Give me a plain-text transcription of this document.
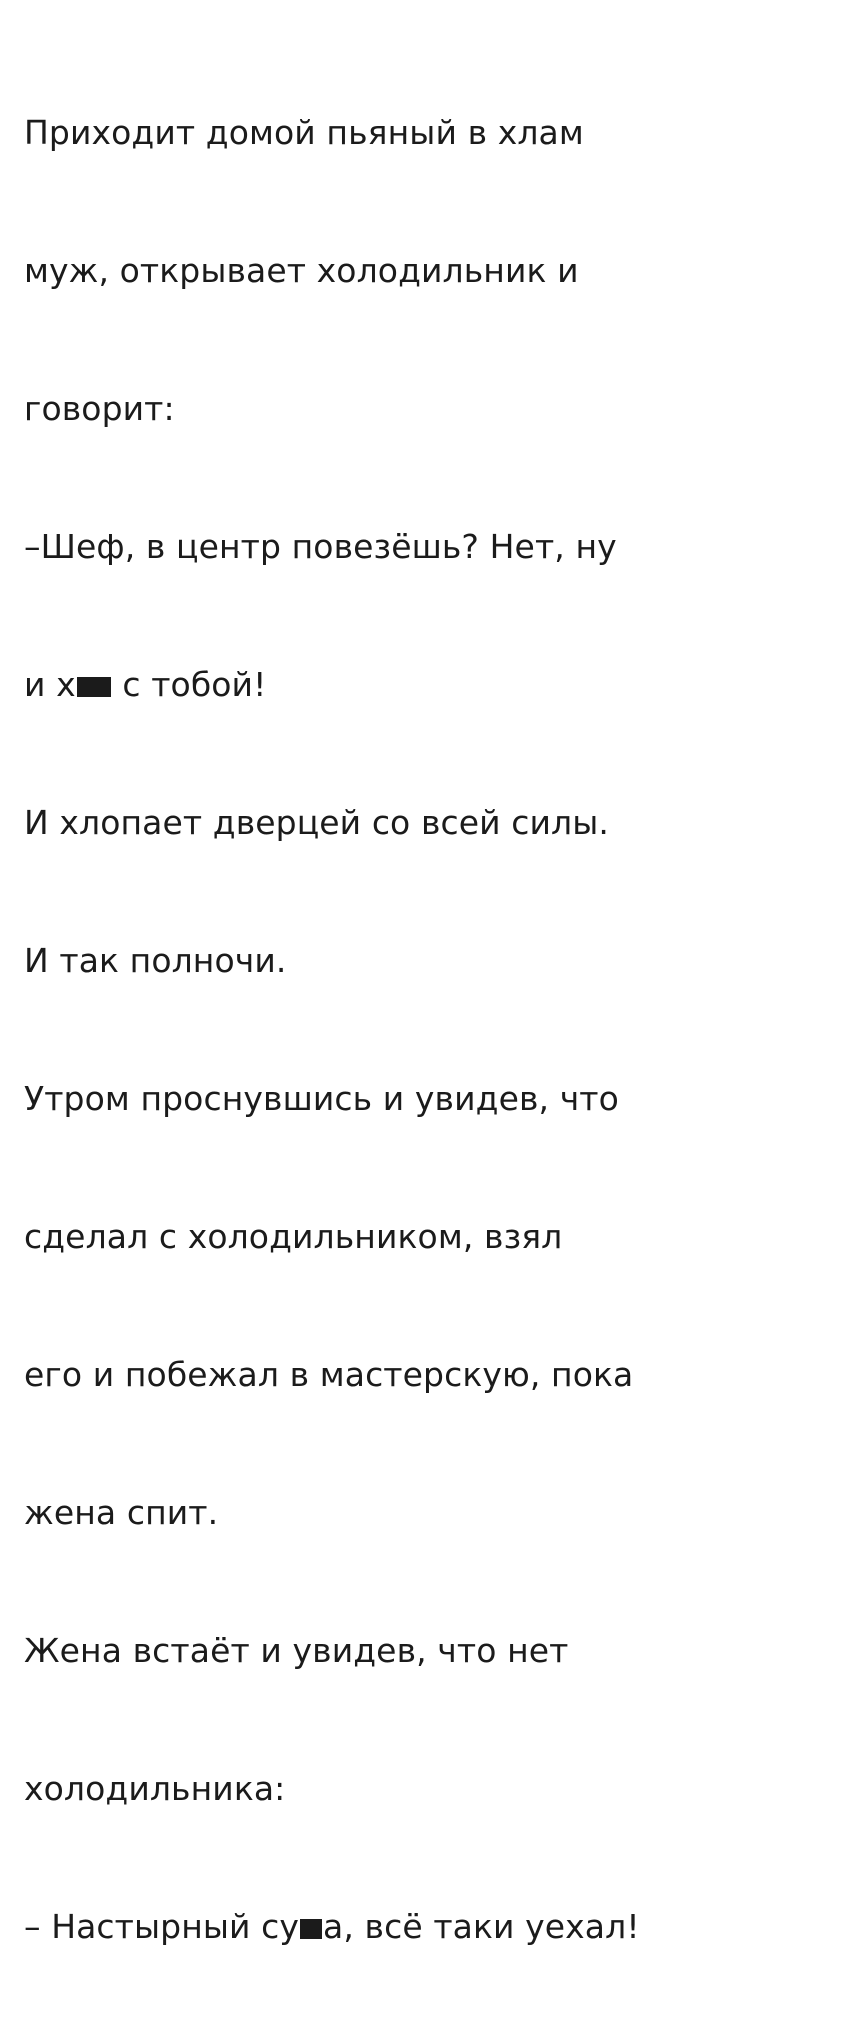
Приходит домой пьяный в хлам

муж, открывает холодильник и

говорит:

–Шеф, в центр повезёшь? Нет, ну

и х с тобой!

И хлопает дверцей со всей силы.

И так полночи.

Утром проснувшись и увидев, что

сделал с холодильником, взял

его и побежал в мастерскую, пока

жена спит.

Жена встаёт и увидев, что нет

холодильника:

– Настырный су а, всё таки уехал!
